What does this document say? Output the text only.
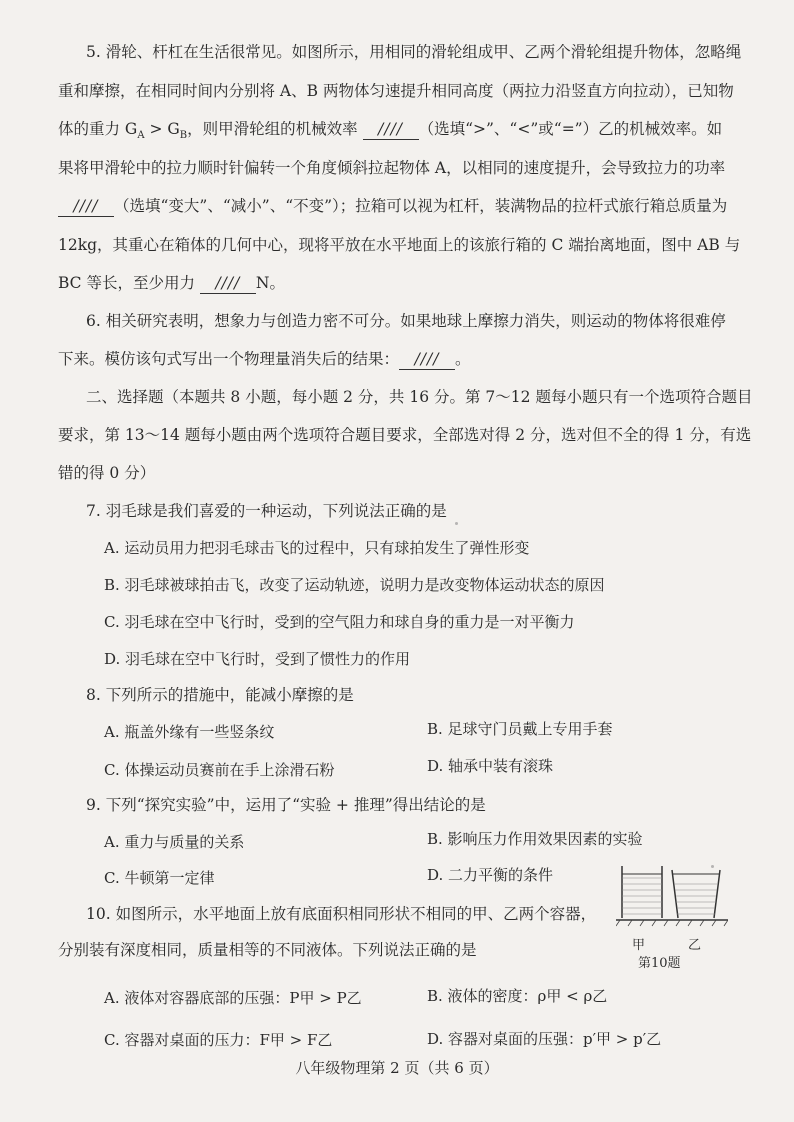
5. 滑轮、杆杠在生活很常见。如图所示，用相同的滑轮组成甲、乙两个滑轮组提升物体，忽略绳
重和摩擦，在相同时间内分别将 A、B 两物体匀速提升相同高度（两拉力沿竖直方向拉动），已知物
体的重力 $G_A > G_B$，则甲滑轮组的机械效率 //// （选填“>”、“<”或“=”）乙的机械效率。如
果将甲滑轮中的拉力顺时针偏转一个角度倾斜拉起物体 A，以相同的速度提升，会导致拉力的功率
//// （选填“变大”、“减小”、“不变”）；拉箱可以视为杠杆，装满物品的拉杆式旅行箱总质量为
12kg，其重心在箱体的几何中心，现将平放在水平地面上的该旅行箱的 C 端抬离地面，图中 AB 与
BC 等长，至少用力 //// N。
6. 相关研究表明，想象力与创造力密不可分。如果地球上摩擦力消失，则运动的物体将很难停
下来。模仿该句式写出一个物理量消失后的结果： //// 。
二、选择题（本题共 8 小题，每小题 2 分，共 16 分。第 7～12 题每小题只有一个选项符合题目
要求，第 13～14 题每小题由两个选项符合题目要求，全部选对得 2 分，选对但不全的得 1 分，有选
错的得 0 分）
7. 羽毛球是我们喜爱的一种运动，下列说法正确的是
A. 运动员用力把羽毛球击飞的过程中，只有球拍发生了弹性形变
B. 羽毛球被球拍击飞，改变了运动轨迹，说明力是改变物体运动状态的原因
C. 羽毛球在空中飞行时，受到的空气阻力和球自身的重力是一对平衡力
D. 羽毛球在空中飞行时，受到了惯性力的作用
8. 下列所示的措施中，能减小摩擦的是
A. 瓶盖外缘有一些竖条纹	B. 足球守门员戴上专用手套
C. 体操运动员赛前在手上涂滑石粉	D. 轴承中装有滚珠
9. 下列“探究实验”中，运用了“实验 + 推理”得出结论的是
A. 重力与质量的关系	B. 影响压力作用效果因素的实验
C. 牛顿第一定律	D. 二力平衡的条件
10. 如图所示，水平地面上放有底面积相同形状不相同的甲、乙两个容器，
分别装有深度相同，质量相等的不同液体。下列说法正确的是
A. 液体对容器底部的压强：P甲 > P乙	B. 液体的密度：ρ甲 < ρ乙
C. 容器对桌面的压力：F甲 > F乙	D. 容器对桌面的压强：p′甲 > p′乙
甲	乙
第10题
八年级物理第 2 页（共 6 页）
